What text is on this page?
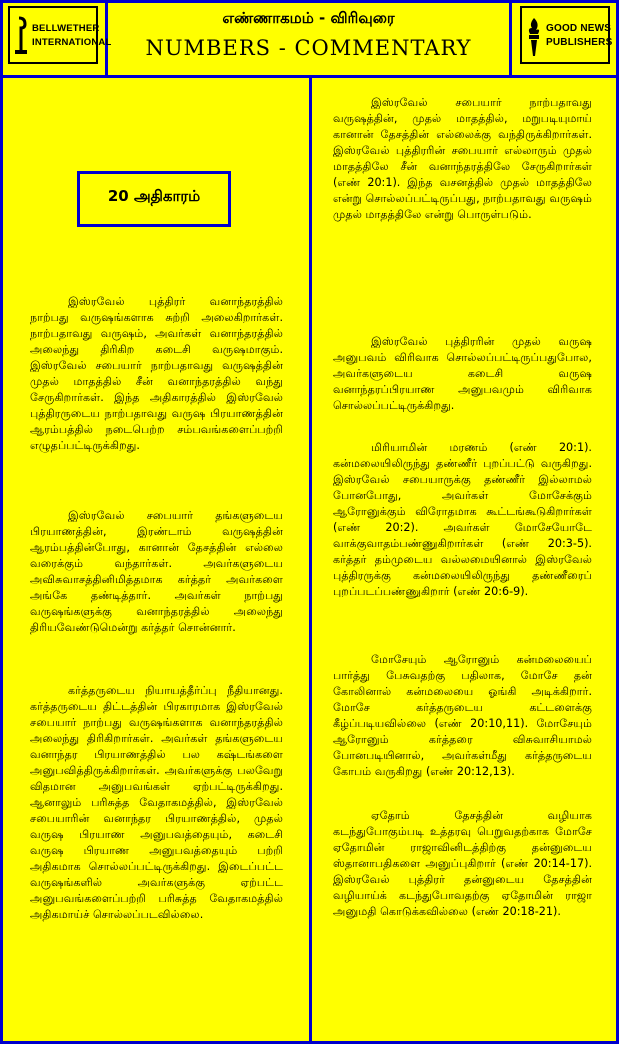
BELLWETHER INTERNATIONAL
எண்ணாகமம் - விரிவுரை
NUMBERS - COMMENTARY
GOOD NEWS PUBLISHERS
20 அதிகாரம்

இஸ்ரவேல் புத்திரர் வனாந்தரத்தில் நாற்பது வருஷங்களாக சுற்றி அலைகிறார்கள். நாற்பதாவது வருஷம், அவர்கள் வனாந்தரத்தில் அலைந்து திரிகிற கடைசி வருஷமாகும். இஸ்ரவேல் சபையார் நாற்பதாவது வருஷத்தின் முதல் மாதத்தில் சீன் வனாந்தரத்தில் வந்து சேருகிறார்கள். இந்த அதிகாரத்தில் இஸ்ரவேல் புத்திரருடைய நாற்பதாவது வருஷ பிரயாணத்தின் ஆரம்பத்தில் நடைபெற்ற சம்பவங்களைப்பற்றி எழுதப்பட்டிருக்கிறது.

இஸ்ரவேல் சபையார் தங்களுடைய பிரயாணத்தின், இரண்டாம் வருஷத்தின் ஆரம்பத்தின்போது, கானான் தேசத்தின் எல்லை வரைக்கும் வந்தார்கள். அவர்களுடைய அவிசுவாசத்தினிமித்தமாக கர்த்தர் அவர்களை அங்கே தண்டித்தார். அவர்கள் நாற்பது வருஷங்களுக்கு வனாந்தரத்தில் அலைந்து திரியவேண்டுமென்று கர்த்தர் சொன்னார்.

கர்த்தருடைய நியாயத்தீர்ப்பு நீதியானது. கர்த்தருடைய திட்டத்தின் பிரகாரமாக இஸ்ரவேல் சபையார் நாற்பது வருஷங்களாக வனாந்தரத்தில் அலைந்து திரிகிறார்கள். அவர்கள் தங்களுடைய வனாந்தர பிரயாணத்தில் பல கஷ்டங்களை அனுபவித்திருக்கிறார்கள். அவர்களுக்கு பலவேறு விதமான அனுபவங்கள் ஏற்பட்டிருக்கிறது. ஆனாலும் பரிசுத்த வேதாகமத்தில், இஸ்ரவேல் சபையாரின் வனாந்தர பிரயாணத்தில், முதல் வருஷ பிரயாண அனுபவத்தையும், கடைசி வருஷ பிரயாண அனுபவத்தையும் பற்றி அதிகமாக சொல்லப்பட்டிருக்கிறது. இடைப்பட்ட வருஷங்களில் அவர்களுக்கு ஏற்பட்ட அனுபவங்களைப்பற்றி பரிசுத்த வேதாகமத்தில் அதிகமாய்ச் சொல்லப்படவில்லை.

இஸ்ரவேல் சபையார் நாற்பதாவது வருஷத்தின், முதல் மாதத்தில், மறுபடியுமாய் கானான் தேசத்தின் எல்லைக்கு வந்திருக்கிறார்கள். இஸ்ரவேல் புத்திரரின் சபையார் எல்லாரும் முதல் மாதத்திலே சீன் வனாந்தரத்திலே சேருகிறார்கள் (எண் 20:1). இந்த வசனத்தில் முதல் மாதத்திலே என்று சொல்லப்பட்டிருப்பது, நாற்பதாவது வருஷம் முதல் மாதத்திலே என்று பொருள்படும்.

இஸ்ரவேல் புத்திரரின் முதல் வருஷ அனுபவம் விரிவாக சொல்லப்பட்டிருப்பதுபோல, அவர்களுடைய கடைசி வருஷ வனாந்தரப்பிரயாண அனுபவமும் விரிவாக சொல்லப்பட்டிருக்கிறது.

மிரியாமின் மரணம் (எண் 20:1). கன்மலையிலிருந்து தண்ணீர் புறப்பட்டு வருகிறது. இஸ்ரவேல் சபையாருக்கு தண்ணீர் இல்லாமல் போனபோது, அவர்கள் மோசேக்கும் ஆரோனுக்கும் விரோதமாக கூட்டங்கூடுகிறார்கள் (எண் 20:2). அவர்கள் மோசேயோடே வாக்குவாதம்பண்ணுகிறார்கள் (எண் 20:3-5). கர்த்தர் தம்முடைய வல்லமையினால் இஸ்ரவேல் புத்திரருக்கு கன்மலையிலிருந்து தண்ணீரைப் புறப்படப்பண்ணுகிறார் (எண் 20:6-9).

மோசேயும் ஆரோனும் கன்மலையைப் பார்த்து பேசுவதற்கு பதிலாக, மோசே தன் கோலினால் கன்மலையை ஓங்கி அடிக்கிறார். மோசே கர்த்தருடைய கட்டளைக்கு கீழ்ப்படியவில்லை (எண் 20:10,11). மோசேயும் ஆரோனும் கர்த்தரை விசுவாசியாமல் போனபடியினால், அவர்கள்மீது கர்த்தருடைய கோபம் வருகிறது (எண் 20:12,13).

ஏதோம் தேசத்தின் வழியாக கடந்துபோகும்படி உத்தரவு பெறுவதற்காக மோசே ஏதோமின் ராஜாவினிடத்திற்கு தன்னுடைய ஸ்தானாபதிகளை அனுப்புகிறார் (எண் 20:14-17). இஸ்ரவேல் புத்திரர் தன்னுடைய தேசத்தின் வழியாய்க் கடந்துபோவதற்கு ஏதோமின் ராஜா அனுமதி கொடுக்கவில்லை (எண் 20:18-21).
